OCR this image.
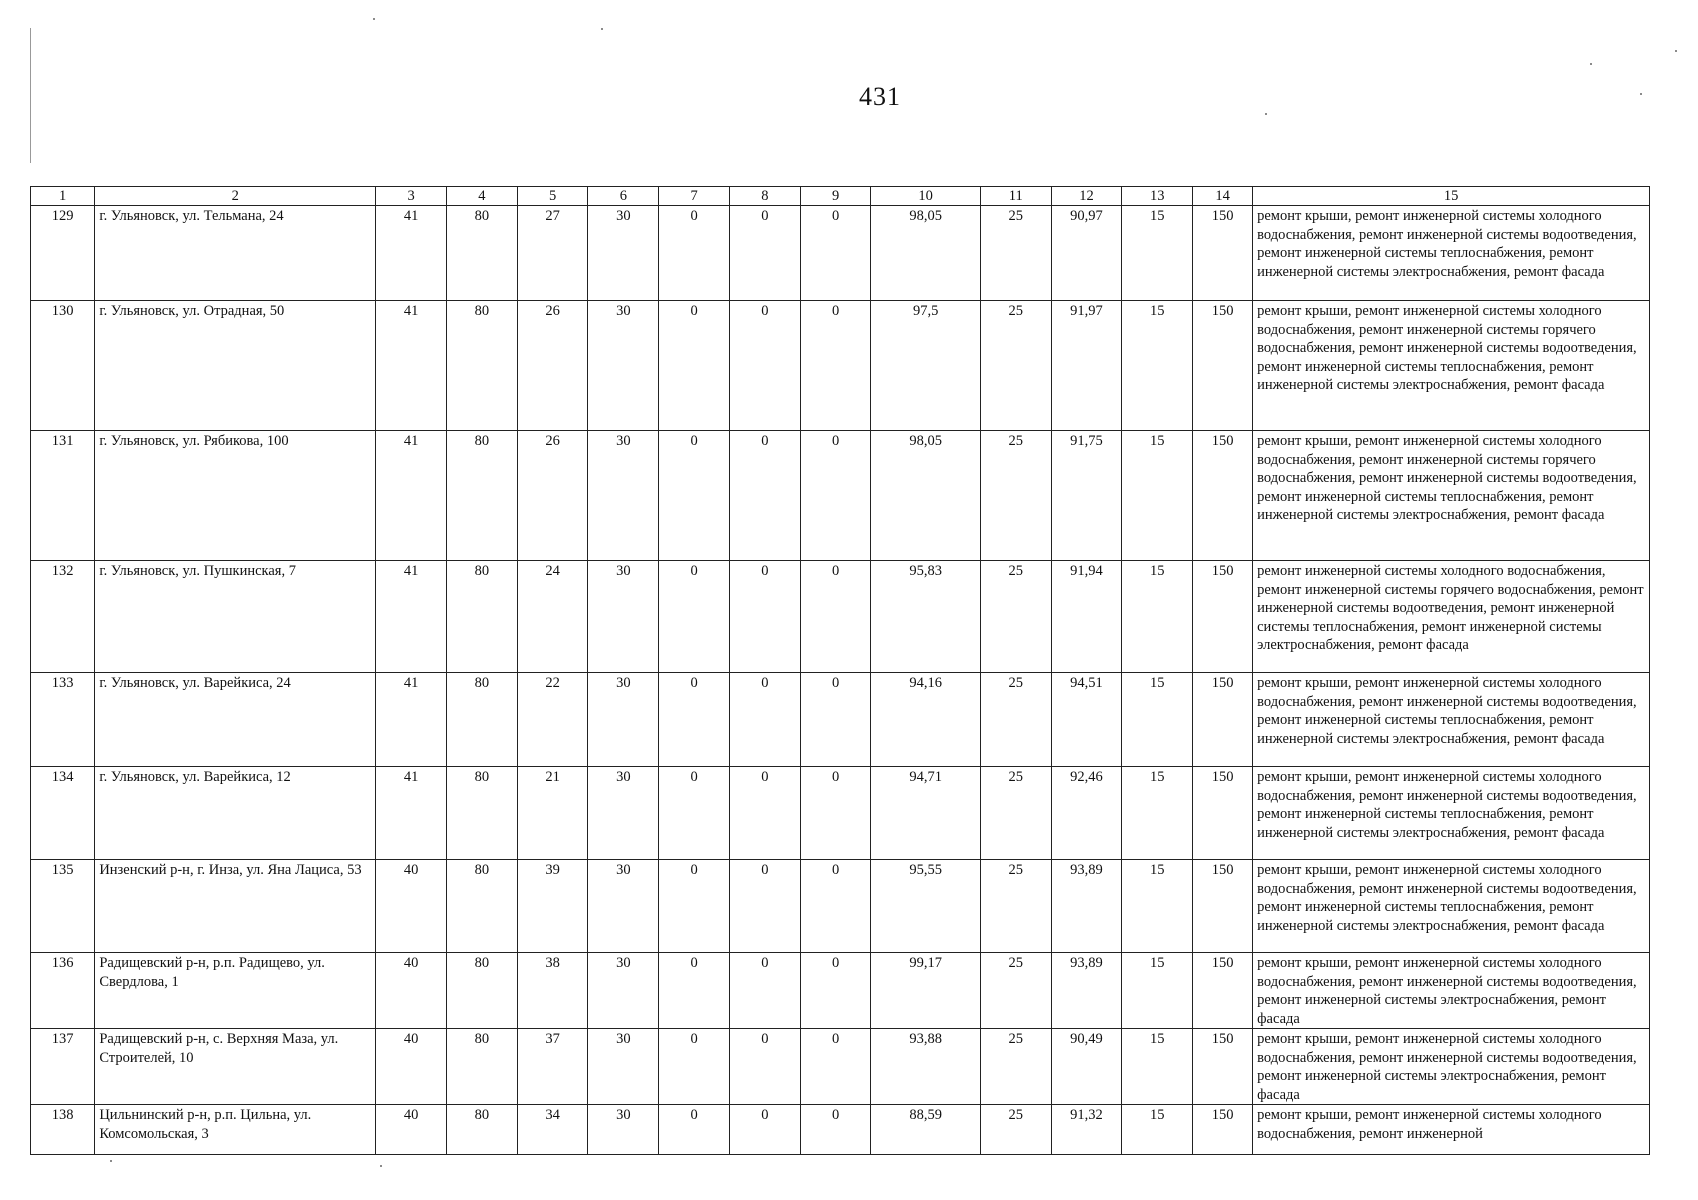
431
1	2	3	4	5	6	7	8	9	10	11	12	13	14	15
129	г. Ульяновск, ул. Тельмана, 24	41	80	27	30	0	0	0	98,05	25	90,97	15	150	ремонт крыши, ремонт инженерной системы холодного водоснабжения, ремонт инженерной системы водоотведения, ремонт инженерной системы теплоснабжения, ремонт инженерной системы электроснабжения, ремонт фасада
130	г. Ульяновск, ул. Отрадная, 50	41	80	26	30	0	0	0	97,5	25	91,97	15	150	ремонт крыши, ремонт инженерной системы холодного водоснабжения, ремонт инженерной системы горячего водоснабжения, ремонт инженерной системы водоотведения, ремонт инженерной системы теплоснабжения, ремонт инженерной системы электроснабжения, ремонт фасада
131	г. Ульяновск, ул. Рябикова, 100	41	80	26	30	0	0	0	98,05	25	91,75	15	150	ремонт крыши, ремонт инженерной системы холодного водоснабжения, ремонт инженерной системы горячего водоснабжения, ремонт инженерной системы водоотведения, ремонт инженерной системы теплоснабжения, ремонт инженерной системы электроснабжения, ремонт фасада
132	г. Ульяновск, ул. Пушкинская, 7	41	80	24	30	0	0	0	95,83	25	91,94	15	150	ремонт инженерной системы холодного водоснабжения, ремонт инженерной системы горячего водоснабжения, ремонт инженерной системы водоотведения, ремонт инженерной системы теплоснабжения, ремонт инженерной системы электроснабжения, ремонт фасада
133	г. Ульяновск, ул. Варейкиса, 24	41	80	22	30	0	0	0	94,16	25	94,51	15	150	ремонт крыши, ремонт инженерной системы холодного водоснабжения, ремонт инженерной системы водоотведения, ремонт инженерной системы теплоснабжения, ремонт инженерной системы электроснабжения, ремонт фасада
134	г. Ульяновск, ул. Варейкиса, 12	41	80	21	30	0	0	0	94,71	25	92,46	15	150	ремонт крыши, ремонт инженерной системы холодного водоснабжения, ремонт инженерной системы водоотведения, ремонт инженерной системы теплоснабжения, ремонт инженерной системы электроснабжения, ремонт фасада
135	Инзенский р-н, г. Инза, ул. Яна Лациса, 53	40	80	39	30	0	0	0	95,55	25	93,89	15	150	ремонт крыши, ремонт инженерной системы холодного водоснабжения, ремонт инженерной системы водоотведения, ремонт инженерной системы теплоснабжения, ремонт инженерной системы электроснабжения, ремонт фасада
136	Радищевский р-н, р.п. Радищево, ул. Свердлова, 1	40	80	38	30	0	0	0	99,17	25	93,89	15	150	ремонт крыши, ремонт инженерной системы холодного водоснабжения, ремонт инженерной системы водоотведения, ремонт инженерной системы электроснабжения, ремонт фасада
137	Радищевский р-н, с. Верхняя Маза, ул. Строителей, 10	40	80	37	30	0	0	0	93,88	25	90,49	15	150	ремонт крыши, ремонт инженерной системы холодного водоснабжения, ремонт инженерной системы водоотведения, ремонт инженерной системы электроснабжения, ремонт фасада
138	Цильнинский р-н, р.п. Цильна, ул. Комсомольская, 3	40	80	34	30	0	0	0	88,59	25	91,32	15	150	ремонт крыши, ремонт инженерной системы холодного водоснабжения, ремонт инженерной
